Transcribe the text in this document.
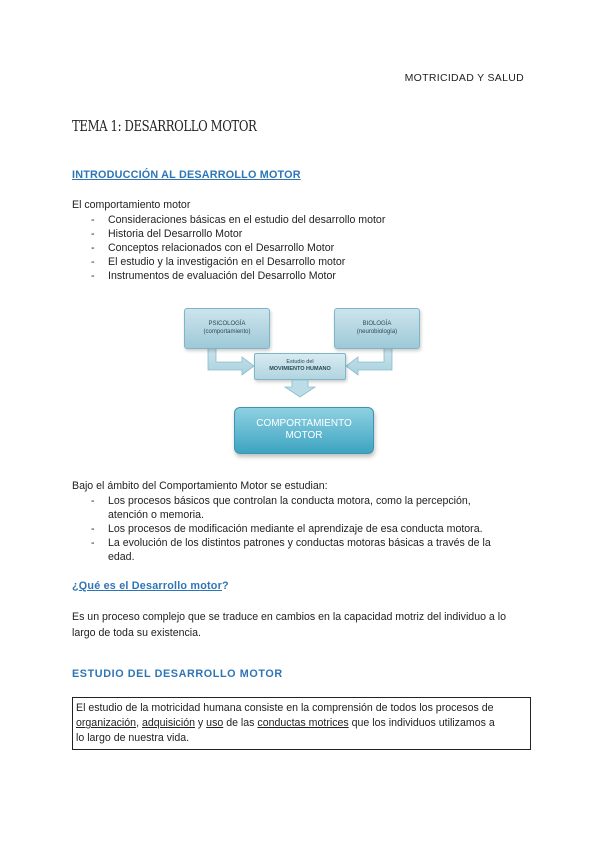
MOTRICIDAD Y SALUD
TEMA 1: DESARROLLO MOTOR
INTRODUCCIÓN AL DESARROLLO MOTOR
El comportamiento motor
- Consideraciones básicas en el estudio del desarrollo motor
- Historia del Desarrollo Motor
- Conceptos relacionados con el Desarrollo Motor
- El estudio y la investigación en el Desarrollo motor
- Instrumentos de evaluación del Desarrollo Motor
PSICOLOGÍA
(comportamiento)
BIOLOGÍA
(neurobiología)
Estudio del
MOVIMIENTO HUMANO
COMPORTAMIENTO
MOTOR
Bajo el ámbito del Comportamiento Motor se estudian:
- Los procesos básicos que controlan la conducta motora, como la percepción,
atención o memoria.
- Los procesos de modificación mediante el aprendizaje de esa conducta motora.
- La evolución de los distintos patrones y conductas motoras básicas a través de la
edad.
¿Qué es el Desarrollo motor?
Es un proceso complejo que se traduce en cambios en la capacidad motriz del individuo a lo
largo de toda su existencia.
ESTUDIO DEL DESARROLLO MOTOR
El estudio de la motricidad humana consiste en la comprensión de todos los procesos de
organización, adquisición y uso de las conductas motrices que los individuos utilizamos a
lo largo de nuestra vida.
